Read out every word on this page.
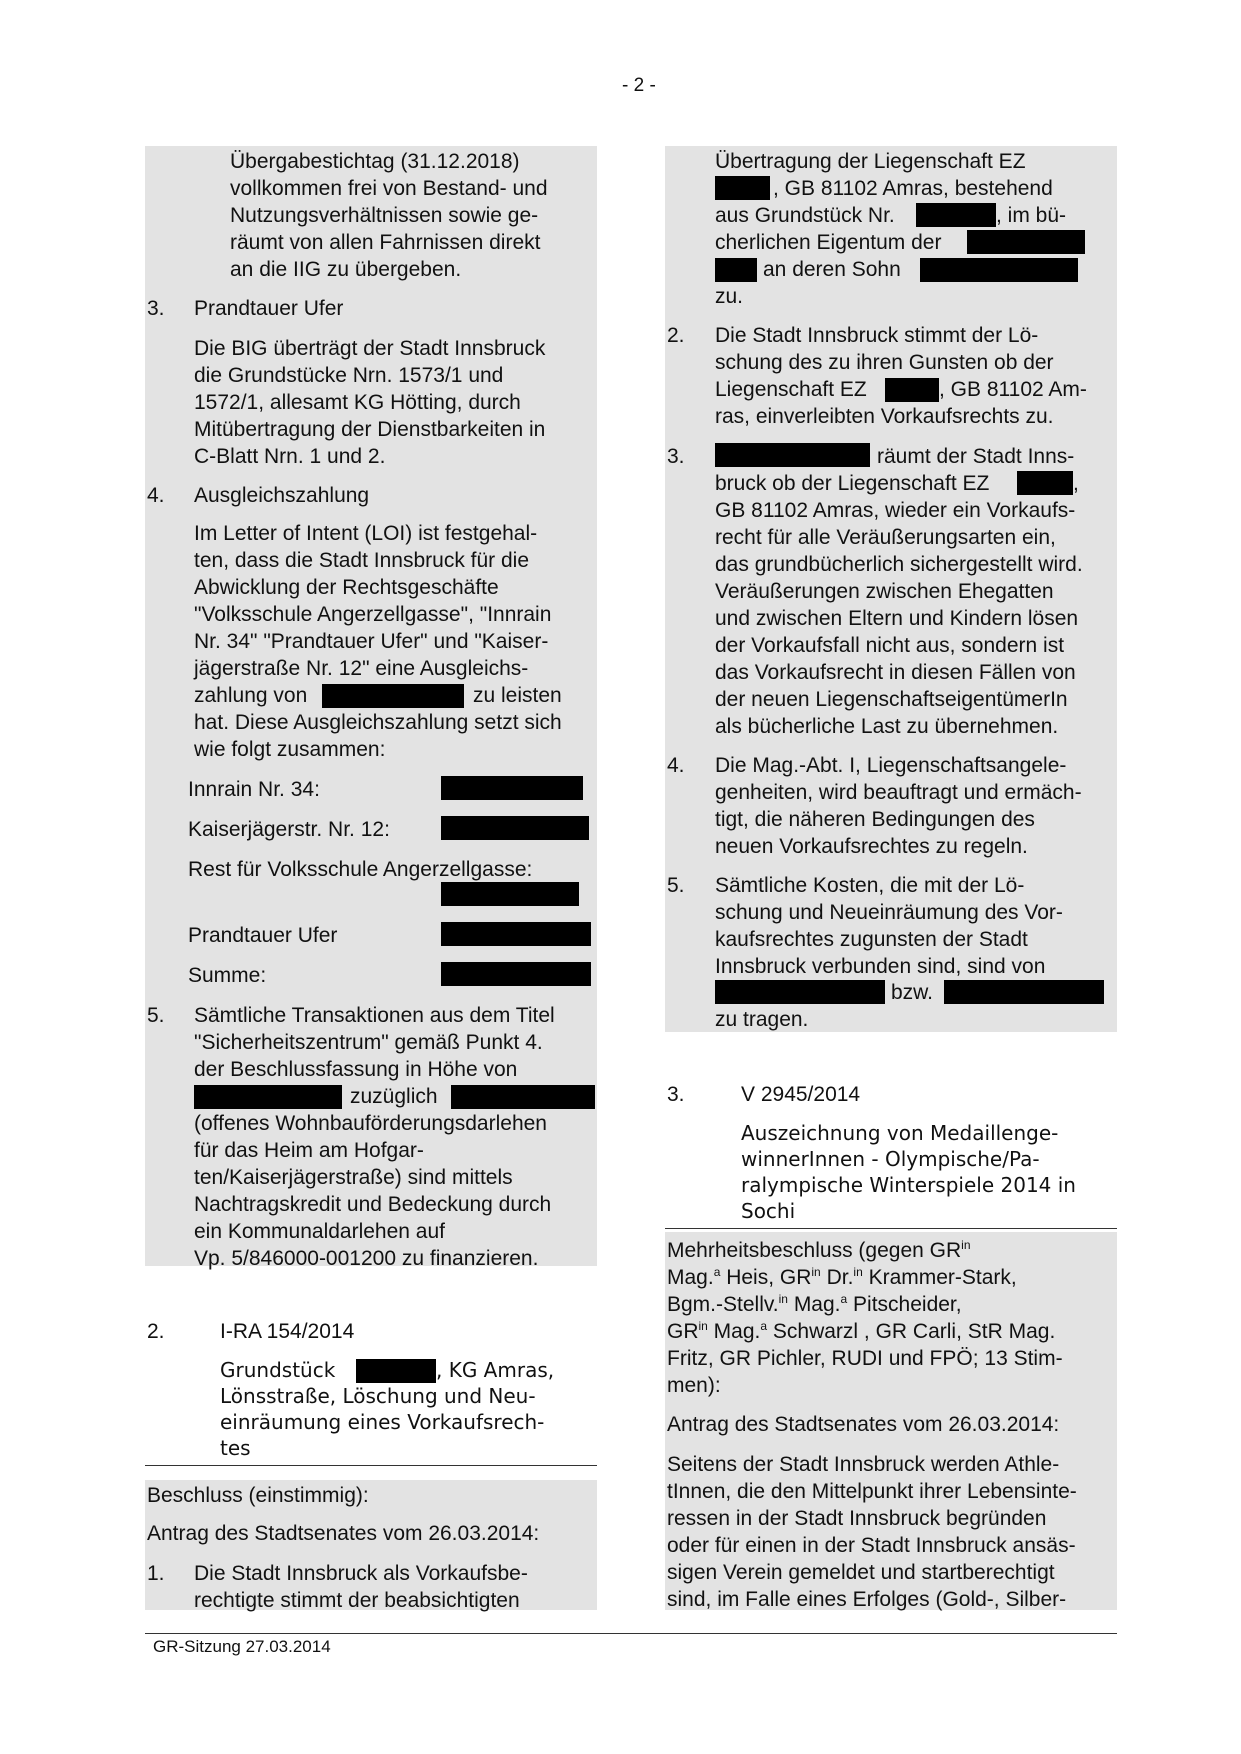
- 2 -
Übergabestichtag (31.12.2018)
vollkommen frei von Bestand- und
Nutzungsverhältnissen sowie ge-
räumt von allen Fahrnissen direkt
an die IIG zu übergeben.
3. Prandtauer Ufer
Die BIG überträgt der Stadt Innsbruck
die Grundstücke Nrn. 1573/1 und
1572/1, allesamt KG Hötting, durch
Mitübertragung der Dienstbarkeiten in
C-Blatt Nrn. 1 und 2.
4. Ausgleichszahlung
Im Letter of Intent (LOI) ist festgehal-
ten, dass die Stadt Innsbruck für die
Abwicklung der Rechtsgeschäfte
"Volksschule Angerzellgasse", "Innrain
Nr. 34" "Prandtauer Ufer" und "Kaiser-
jägerstraße Nr. 12" eine Ausgleichs-
zahlung von	zu leisten
hat. Diese Ausgleichszahlung setzt sich
wie folgt zusammen:
Innrain Nr. 34:
Kaiserjägerstr. Nr. 12:
Rest für Volksschule Angerzellgasse:
Prandtauer Ufer
Summe:
5. Sämtliche Transaktionen aus dem Titel
"Sicherheitszentrum" gemäß Punkt 4.
der Beschlussfassung in Höhe von
zuzüglich
(offenes Wohnbauförderungsdarlehen
für das Heim am Hofgar-
ten/Kaiserjägerstraße) sind mittels
Nachtragskredit und Bedeckung durch
ein Kommunaldarlehen auf
Vp. 5/846000-001200 zu finanzieren.
2.	I-RA 154/2014
Grundstück	, KG Amras,
Lönsstraße, Löschung und Neu-
einräumung eines Vorkaufsrech-
tes
Beschluss (einstimmig):
Antrag des Stadtsenates vom 26.03.2014:
1. Die Stadt Innsbruck als Vorkaufsbe-
rechtigte stimmt der beabsichtigten
Übertragung der Liegenschaft EZ
, GB 81102 Amras, bestehend
aus Grundstück Nr.	, im bü-
cherlichen Eigentum der
an deren Sohn
zu.
2. Die Stadt Innsbruck stimmt der Lö-
schung des zu ihren Gunsten ob der
Liegenschaft EZ	, GB 81102 Am-
ras, einverleibten Vorkaufsrechts zu.
3.	räumt der Stadt Inns-
bruck ob der Liegenschaft EZ	,
GB 81102 Amras, wieder ein Vorkaufs-
recht für alle Veräußerungsarten ein,
das grundbücherlich sichergestellt wird.
Veräußerungen zwischen Ehegatten
und zwischen Eltern und Kindern lösen
der Vorkaufsfall nicht aus, sondern ist
das Vorkaufsrecht in diesen Fällen von
der neuen LiegenschaftseigentümerIn
als bücherliche Last zu übernehmen.
4. Die Mag.-Abt. I, Liegenschaftsangele-
genheiten, wird beauftragt und ermäch-
tigt, die näheren Bedingungen des
neuen Vorkaufsrechtes zu regeln.
5. Sämtliche Kosten, die mit der Lö-
schung und Neueinräumung des Vor-
kaufsrechtes zugunsten der Stadt
Innsbruck verbunden sind, sind von
bzw.
zu tragen.
3.	V 2945/2014
Auszeichnung von Medaillenge-
winnerInnen - Olympische/Pa-
ralympische Winterspiele 2014 in
Sochi
Mehrheitsbeschluss (gegen $GR^{in}$
Mag.$^a$ Heis, $GR^{in}$ Dr.$^{in}$ Krammer-Stark,
Bgm.-Stellv.$^{in}$ Mag.$^a$ Pitscheider,
$GR^{in}$ Mag.$^a$ Schwarzl , GR Carli, StR Mag.
Fritz, GR Pichler, RUDI und FPÖ; 13 Stim-
men):
Antrag des Stadtsenates vom 26.03.2014:
Seitens der Stadt Innsbruck werden Athle-
tInnen, die den Mittelpunkt ihrer Lebensinte-
ressen in der Stadt Innsbruck begründen
oder für einen in der Stadt Innsbruck ansäs-
sigen Verein gemeldet und startberechtigt
sind, im Falle eines Erfolges (Gold-, Silber-
GR-Sitzung 27.03.2014
